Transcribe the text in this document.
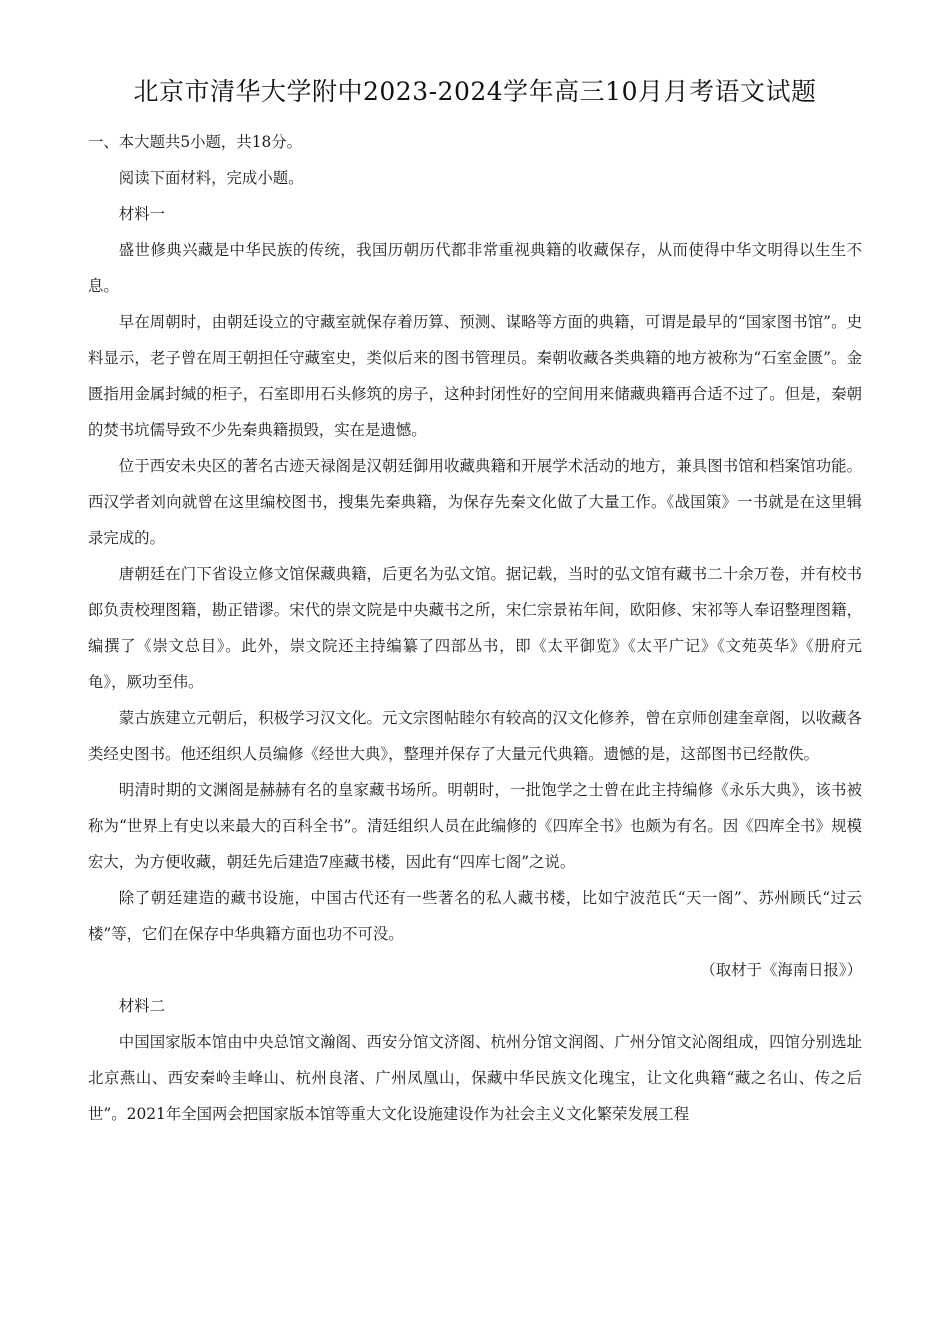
北京市清华大学附中2023-2024学年高三10月月考语文试题

一、本大题共5小题，共18分。

阅读下面材料，完成小题。

材料一

盛世修典兴藏是中华民族的传统，我国历朝历代都非常重视典籍的收藏保存，从而使得中华文明得以生生不息。

早在周朝时，由朝廷设立的守藏室就保存着历算、预测、谋略等方面的典籍，可谓是最早的“国家图书馆”。史料显示，老子曾在周王朝担任守藏室史，类似后来的图书管理员。秦朝收藏各类典籍的地方被称为“石室金匮”。金匮指用金属封缄的柜子，石室即用石头修筑的房子，这种封闭性好的空间用来储藏典籍再合适不过了。但是，秦朝的焚书坑儒导致不少先秦典籍损毁，实在是遗憾。

位于西安未央区的著名古迹天禄阁是汉朝廷御用收藏典籍和开展学术活动的地方，兼具图书馆和档案馆功能。西汉学者刘向就曾在这里编校图书，搜集先秦典籍，为保存先秦文化做了大量工作。《战国策》一书就是在这里辑录完成的。

唐朝廷在门下省设立修文馆保藏典籍，后更名为弘文馆。据记载，当时的弘文馆有藏书二十余万卷，并有校书郎负责校理图籍，勘正错谬。宋代的崇文院是中央藏书之所，宋仁宗景祐年间，欧阳修、宋祁等人奉诏整理图籍，编撰了《崇文总目》。此外，崇文院还主持编纂了四部丛书，即《太平御览》《太平广记》《文苑英华》《册府元龟》，厥功至伟。

蒙古族建立元朝后，积极学习汉文化。元文宗图帖睦尔有较高的汉文化修养，曾在京师创建奎章阁，以收藏各类经史图书。他还组织人员编修《经世大典》，整理并保存了大量元代典籍。遗憾的是，这部图书已经散佚。

明清时期的文渊阁是赫赫有名的皇家藏书场所。明朝时，一批饱学之士曾在此主持编修《永乐大典》，该书被称为“世界上有史以来最大的百科全书”。清廷组织人员在此编修的《四库全书》也颇为有名。因《四库全书》规模宏大，为方便收藏，朝廷先后建造7座藏书楼，因此有“四库七阁”之说。

除了朝廷建造的藏书设施，中国古代还有一些著名的私人藏书楼，比如宁波范氏“天一阁”、苏州顾氏“过云楼”等，它们在保存中华典籍方面也功不可没。

（取材于《海南日报》）

材料二

中国国家版本馆由中央总馆文瀚阁、西安分馆文济阁、杭州分馆文润阁、广州分馆文沁阁组成，四馆分别选址北京燕山、西安秦岭圭峰山、杭州良渚、广州凤凰山，保藏中华民族文化瑰宝，让文化典籍“藏之名山、传之后世”。2021年全国两会把国家版本馆等重大文化设施建设作为社会主义文化繁荣发展工程
